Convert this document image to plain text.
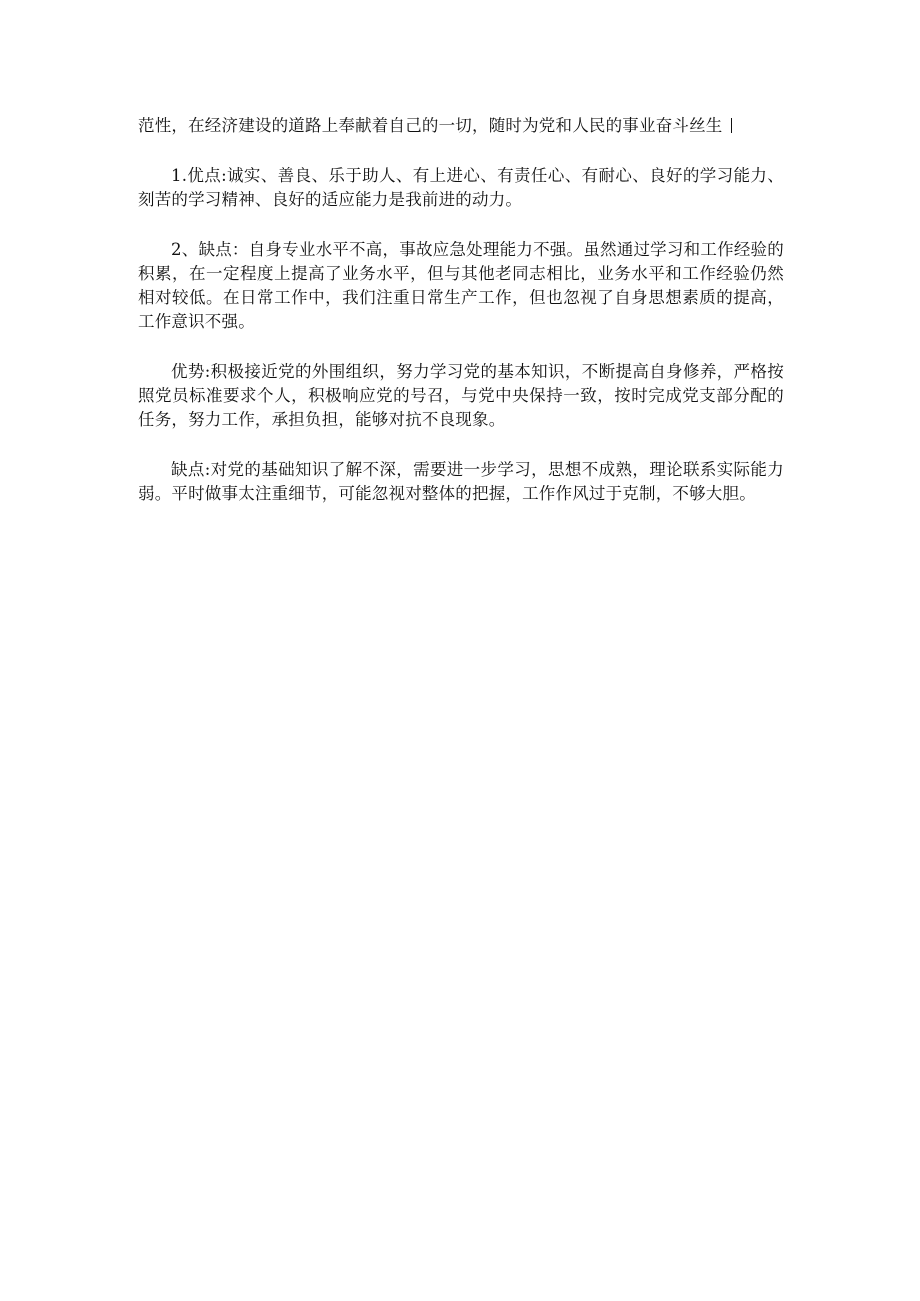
范性，在经济建设的道路上奉献着自己的一切，随时为党和人民的事业奋斗丝生

1.优点:诚实、善良、乐于助人、有上进心、有责任心、有耐心、良好的学习能力、刻苦的学习精神、良好的适应能力是我前进的动力。

2、缺点：自身专业水平不高，事故应急处理能力不强。虽然通过学习和工作经验的积累，在一定程度上提高了业务水平，但与其他老同志相比，业务水平和工作经验仍然相对较低。在日常工作中，我们注重日常生产工作，但也忽视了自身思想素质的提高，工作意识不强。

优势:积极接近党的外围组织，努力学习党的基本知识，不断提高自身修养，严格按照党员标准要求个人，积极响应党的号召，与党中央保持一致，按时完成党支部分配的任务，努力工作，承担负担，能够对抗不良现象。

缺点:对党的基础知识了解不深，需要进一步学习，思想不成熟，理论联系实际能力弱。平时做事太注重细节，可能忽视对整体的把握，工作作风过于克制，不够大胆。
